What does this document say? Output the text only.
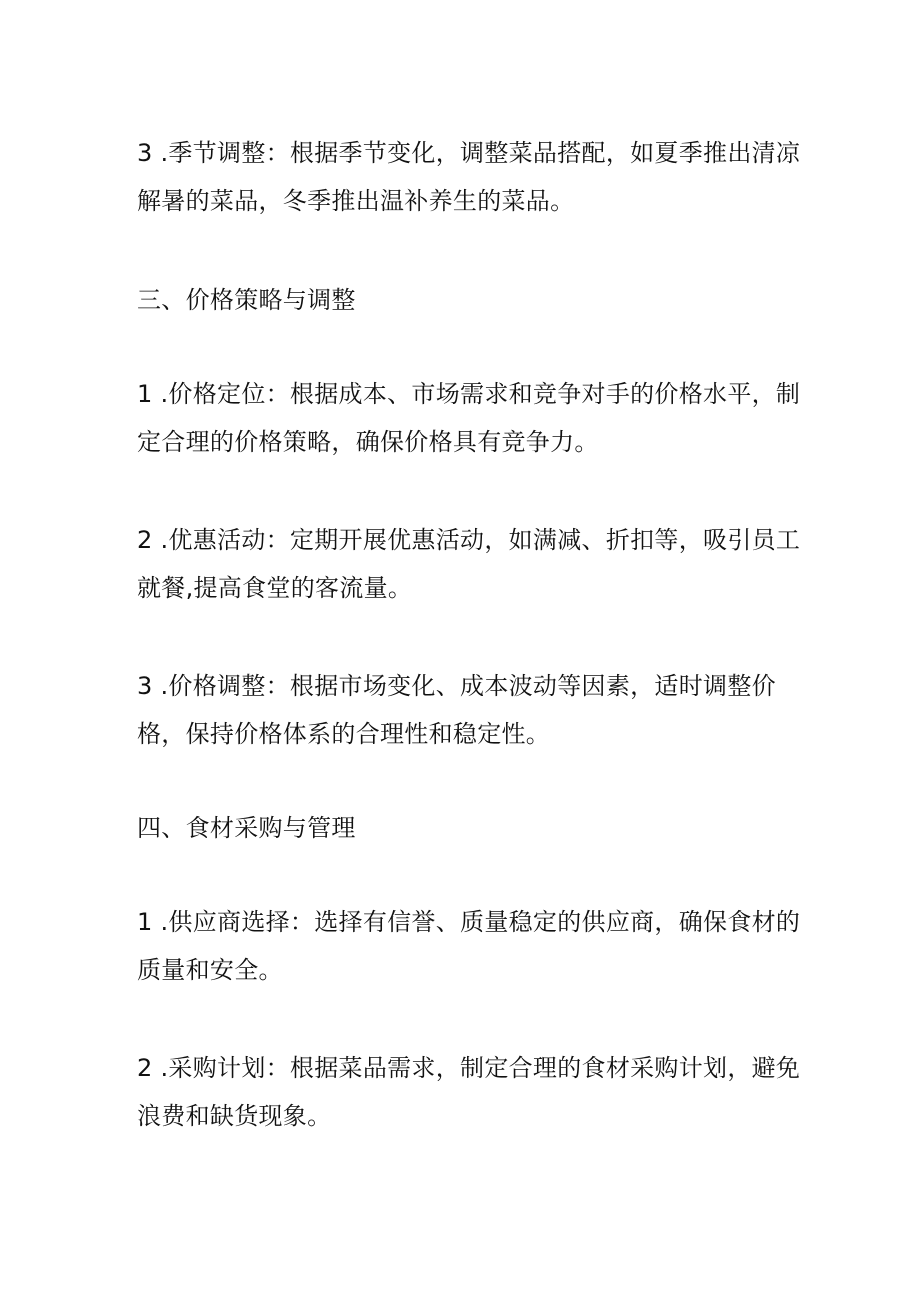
3 .季节调整：根据季节变化，调整菜品搭配，如夏季推出清凉
解暑的菜品，冬季推出温补养生的菜品。
三、价格策略与调整
1 .价格定位：根据成本、市场需求和竞争对手的价格水平，制
定合理的价格策略，确保价格具有竞争力。
2 .优惠活动：定期开展优惠活动，如满减、折扣等，吸引员工
就餐,提高食堂的客流量。
3 .价格调整：根据市场变化、成本波动等因素，适时调整价
格，保持价格体系的合理性和稳定性。
四、食材采购与管理
1 .供应商选择：选择有信誉、质量稳定的供应商，确保食材的
质量和安全。
2 .采购计划：根据菜品需求，制定合理的食材采购计划，避免
浪费和缺货现象。
